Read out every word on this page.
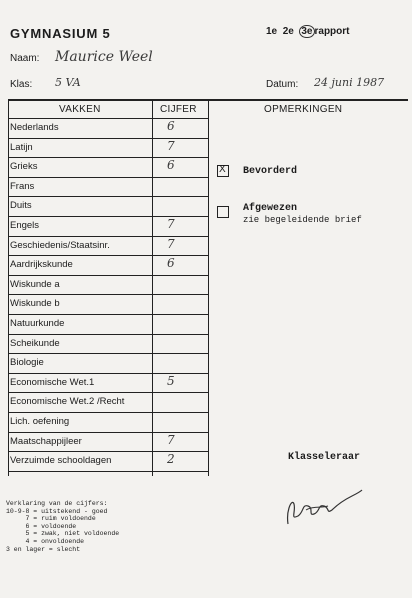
GYMNASIUM 5	1e 2e 3e rapport
Naam: Maurice Weel
Klas: 5 VA	Datum: 24 juni 1987
VAKKEN	CIJFER	OPMERKINGEN
Nederlands	6
Latijn	7
Grieks	6
Frans
Duits
Engels	7
Geschiedenis/Staatsinr.	7
Aardrijkskunde	6
Wiskunde a
Wiskunde b
Natuurkunde
Scheikunde
Biologie
Economische Wet.1	5
Economische Wet.2 /Recht
Lich. oefening
Maatschappijleer	7
Verzuimde schooldagen	2
X Bevorderd
Afgewezen
zie begeleidende brief
Klasseleraar
Verklaring van de cijfers:
10-9-8 = uitstekend - goed
7 = ruim voldoende
6 = voldoende
5 = zwak, niet voldoende
4 = onvoldoende
3 en lager = slecht
